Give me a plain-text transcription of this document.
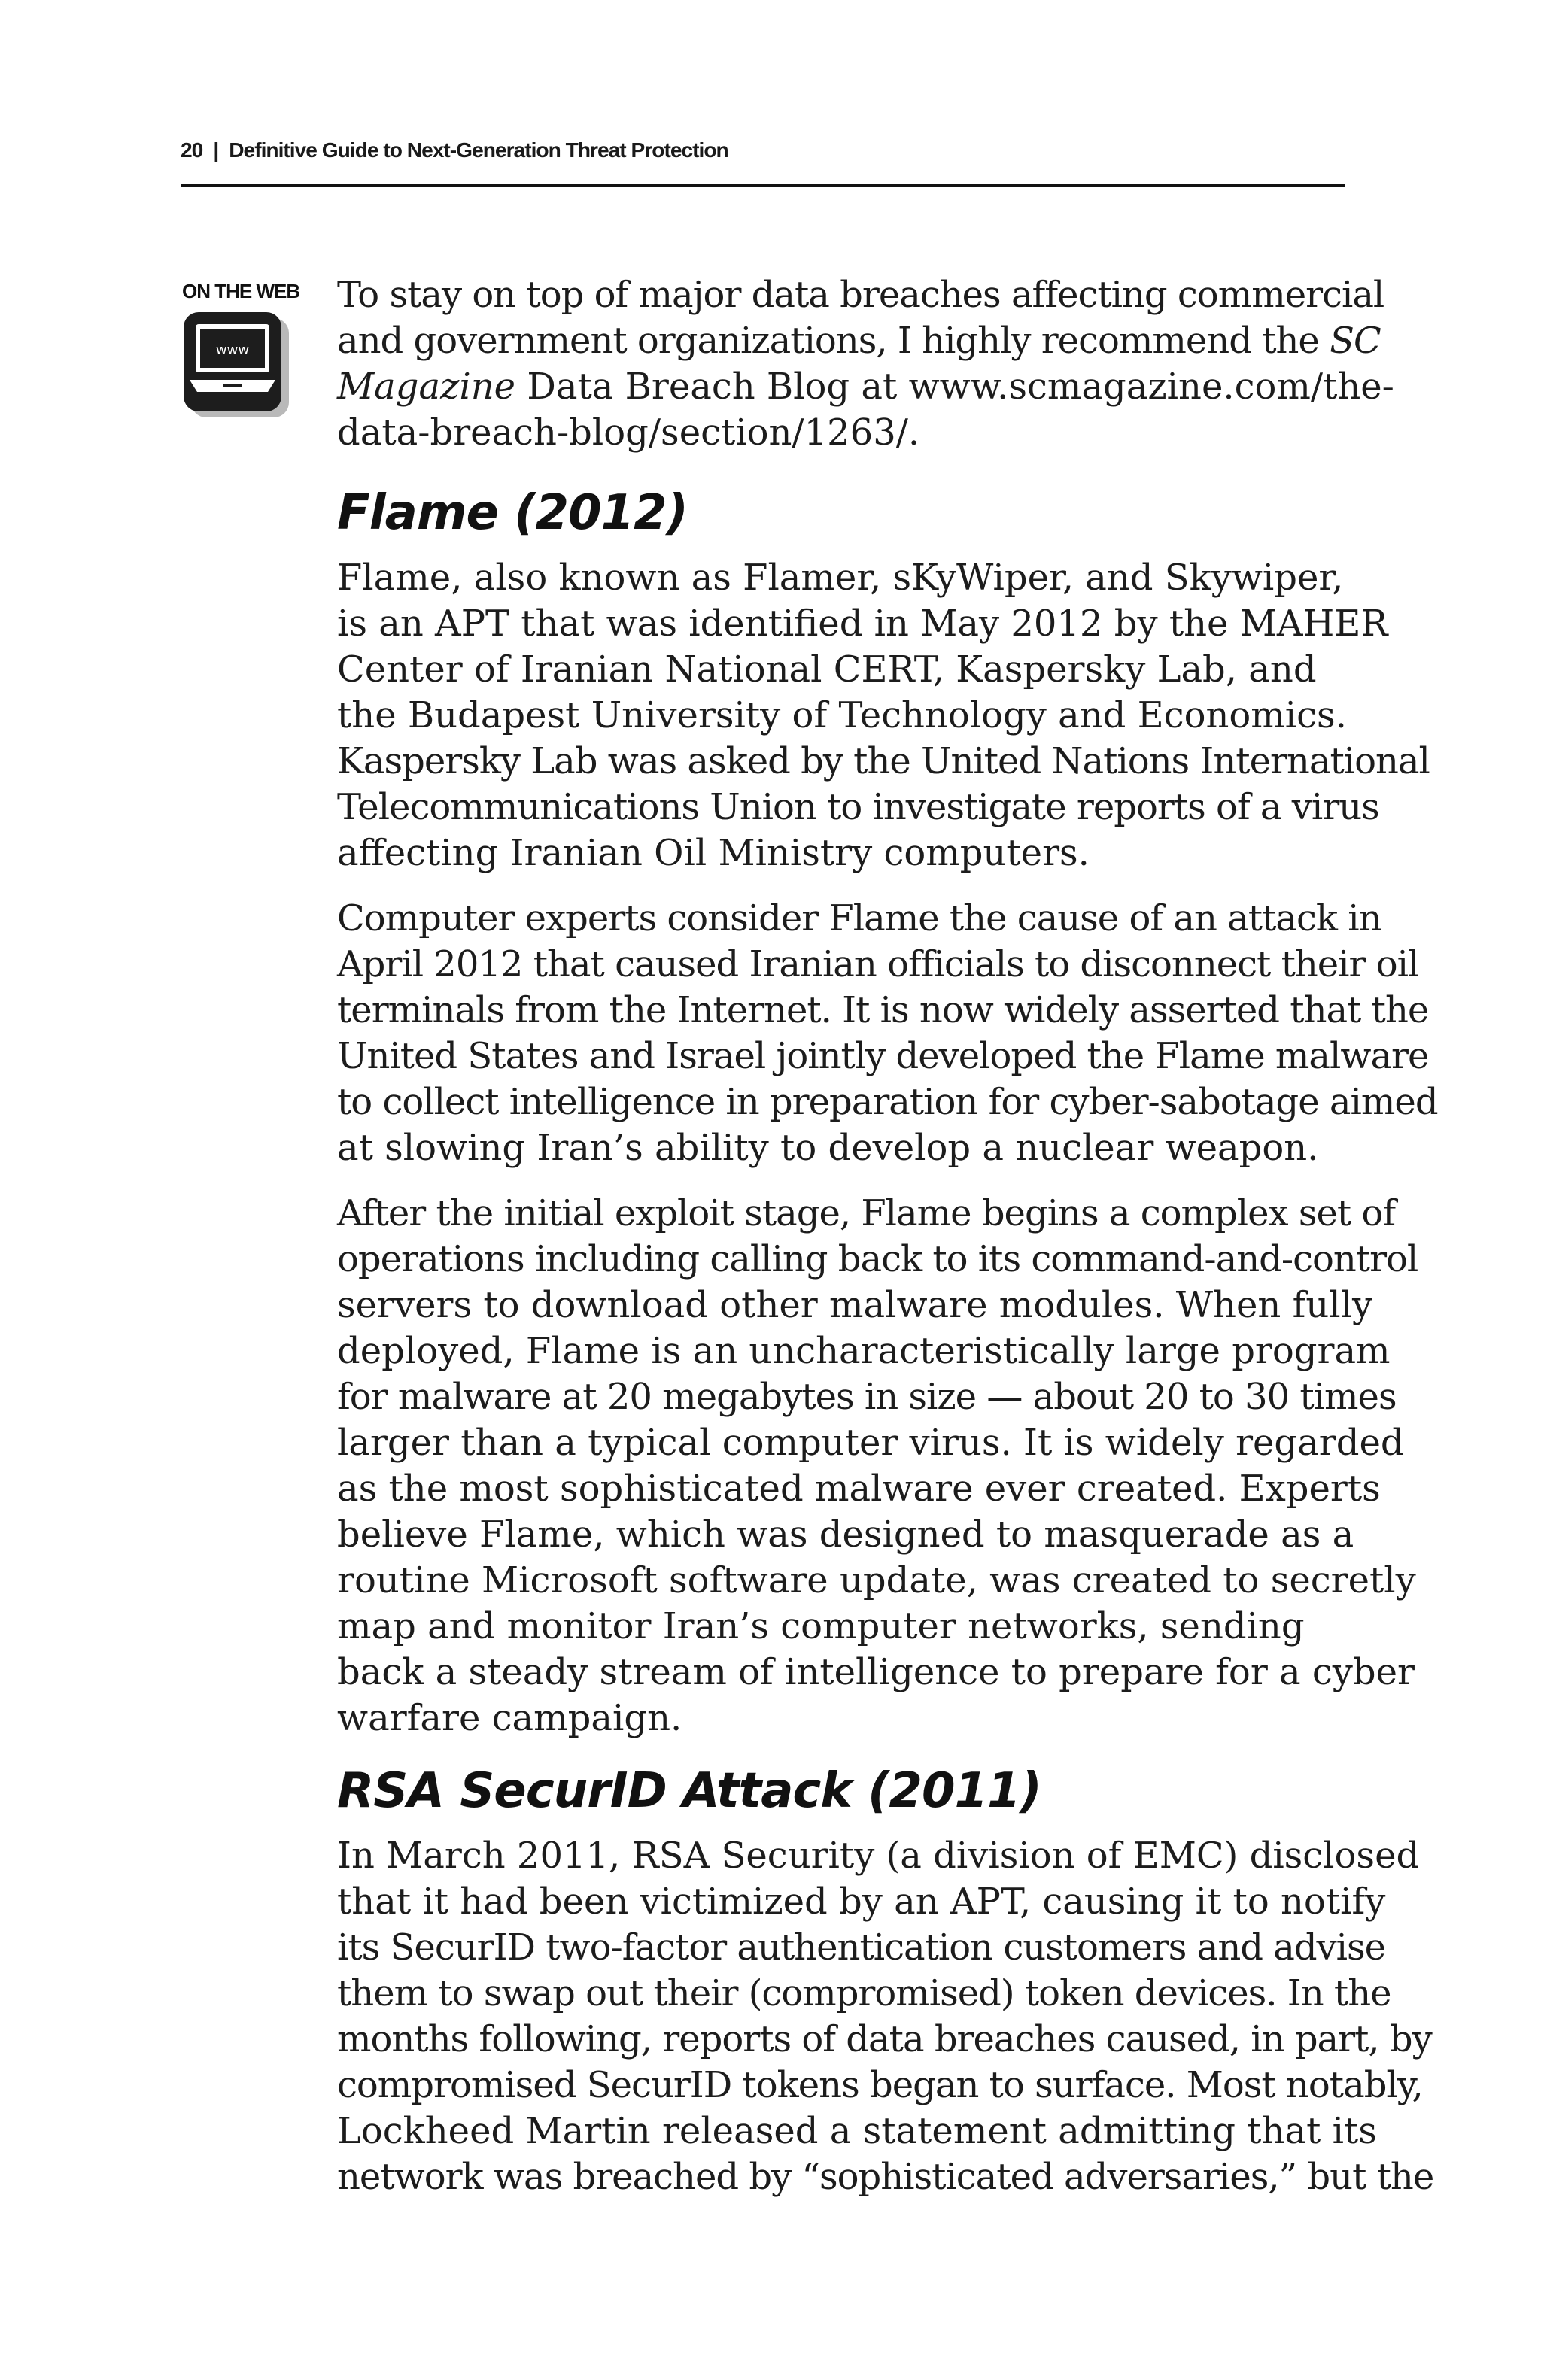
20 | Definitive Guide to Next-Generation Threat Protection
ON THE WEB
www

To stay on top of major data breaches affecting commercial
and government organizations, I highly recommend the SC
Magazine Data Breach Blog at www.scmagazine.com/the-
data-breach-blog/section/1263/.

Flame (2012)

Flame, also known as Flamer, sKyWiper, and Skywiper,
is an APT that was identified in May 2012 by the MAHER
Center of Iranian National CERT, Kaspersky Lab, and
the Budapest University of Technology and Economics.
Kaspersky Lab was asked by the United Nations International
Telecommunications Union to investigate reports of a virus
affecting Iranian Oil Ministry computers.

Computer experts consider Flame the cause of an attack in
April 2012 that caused Iranian officials to disconnect their oil
terminals from the Internet. It is now widely asserted that the
United States and Israel jointly developed the Flame malware
to collect intelligence in preparation for cyber-sabotage aimed
at slowing Iran’s ability to develop a nuclear weapon.

After the initial exploit stage, Flame begins a complex set of
operations including calling back to its command-and-control
servers to download other malware modules. When fully
deployed, Flame is an uncharacteristically large program
for malware at 20 megabytes in size — about 20 to 30 times
larger than a typical computer virus. It is widely regarded
as the most sophisticated malware ever created. Experts
believe Flame, which was designed to masquerade as a
routine Microsoft software update, was created to secretly
map and monitor Iran’s computer networks, sending
back a steady stream of intelligence to prepare for a cyber
warfare campaign.

RSA SecurID Attack (2011)

In March 2011, RSA Security (a division of EMC) disclosed
that it had been victimized by an APT, causing it to notify
its SecurID two-factor authentication customers and advise
them to swap out their (compromised) token devices. In the
months following, reports of data breaches caused, in part, by
compromised SecurID tokens began to surface. Most notably,
Lockheed Martin released a statement admitting that its
network was breached by “sophisticated adversaries,” but the
